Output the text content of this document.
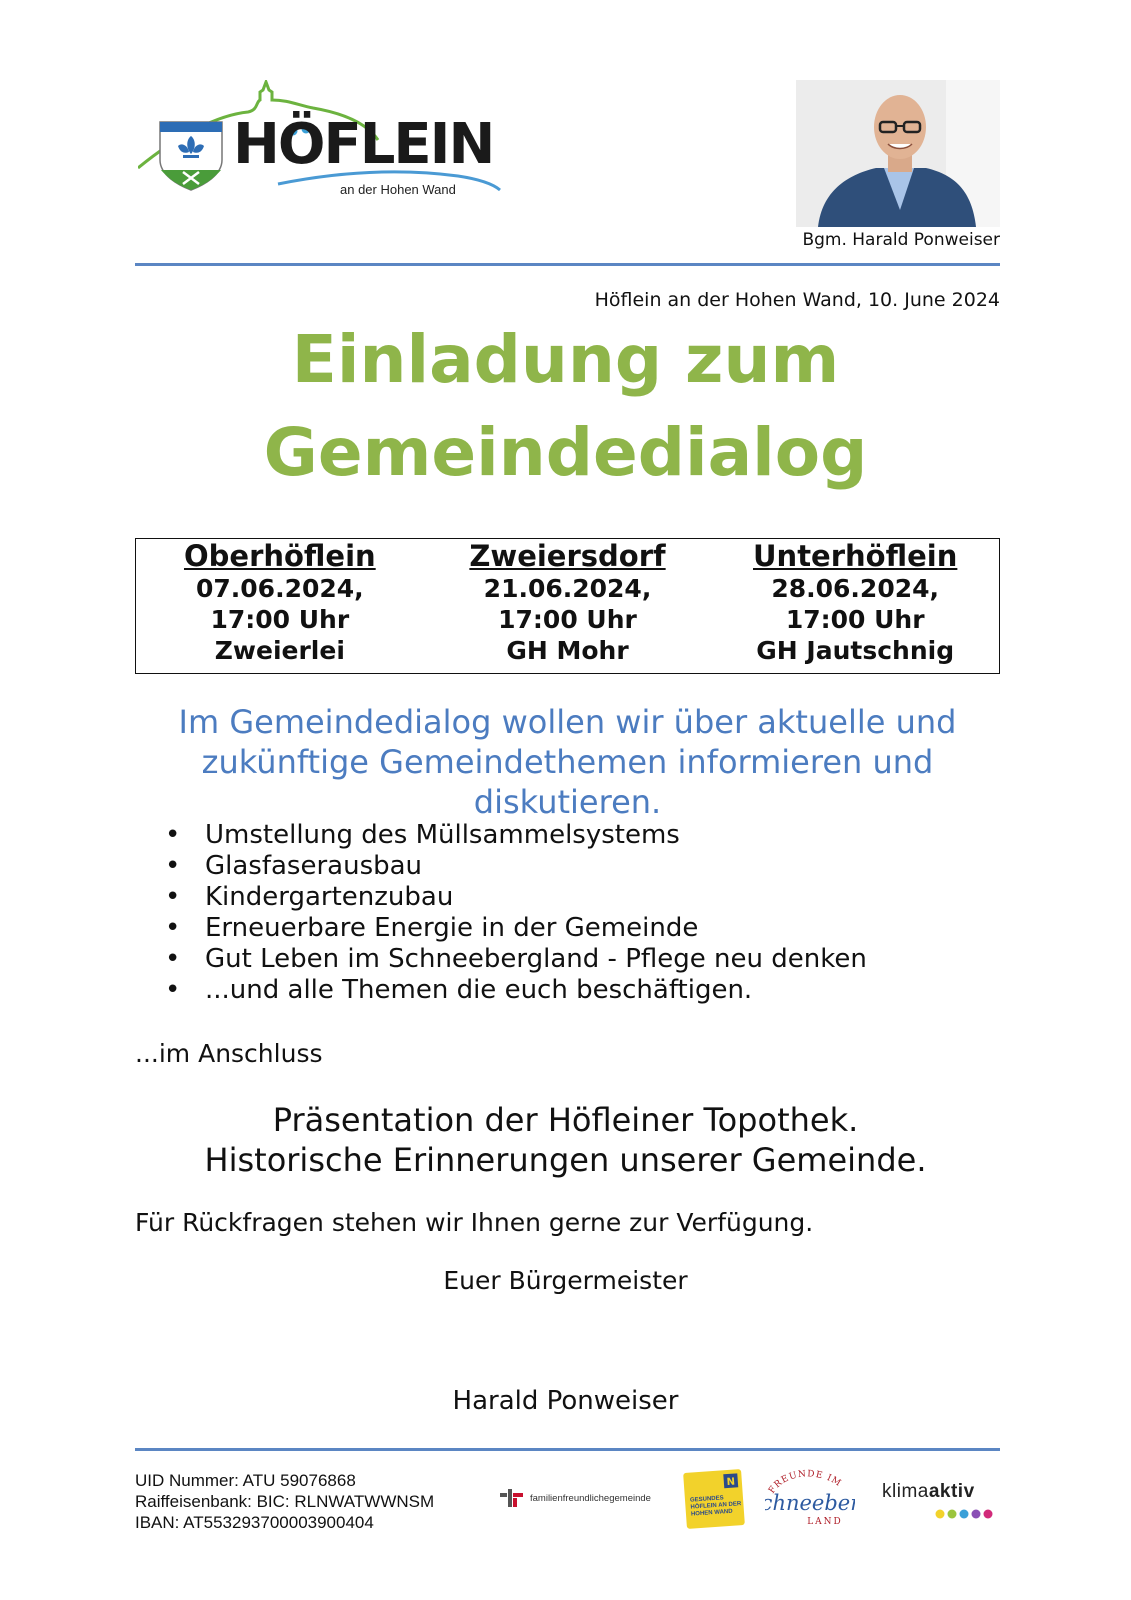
HÖFLEIN
an der Hohen Wand
Bgm. Harald Ponweiser
Höflein an der Hohen Wand, 10. June 2024
Einladung zum
Gemeindedialog
Oberhöflein
07.06.2024,
17:00 Uhr
Zweierlei
Zweiersdorf
21.06.2024,
17:00 Uhr
GH Mohr
Unterhöflein
28.06.2024,
17:00 Uhr
GH Jautschnig
Im Gemeindedialog wollen wir über aktuelle und
zukünftige Gemeindethemen informieren und
diskutieren.
• Umstellung des Müllsammelsystems
• Glasfaserausbau
• Kindergartenzubau
• Erneuerbare Energie in der Gemeinde
• Gut Leben im Schneebergland - Pflege neu denken
• ...und alle Themen die euch beschäftigen.
...im Anschluss
Präsentation der Höfleiner Topothek.
Historische Erinnerungen unserer Gemeinde.
Für Rückfragen stehen wir Ihnen gerne zur Verfügung.
Euer Bürgermeister
Harald Ponweiser
UID Nummer: ATU 59076868
Raiffeisenbank: BIC: RLNWATWWNSM
IBAN: AT553293700003900404
familienfreundlichegemeinde
N
GESUNDES HÖFLEIN AN DER HOHEN WAND
FREUNDE IM
hneebe
LAND
klimaaktiv
